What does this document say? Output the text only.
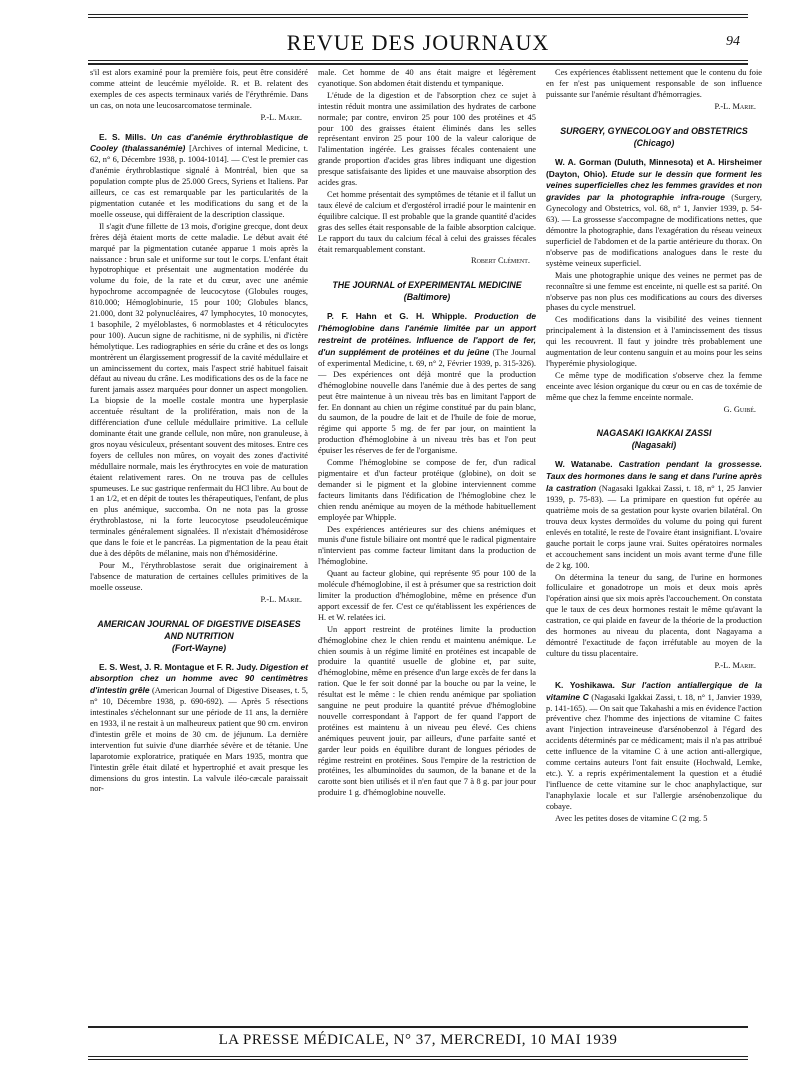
REVUE DES JOURNAUX	94

s'il est alors examiné pour la première fois, peut être considéré comme atteint de leucémie myéloïde. R. et B. relatent des exemples de ces aspects terminaux variés de l'érythrémie. Dans un cas, on nota une leucosarcomatose terminale.

P.-L. Marie.

E. S. Mills. Un cas d'anémie érythroblastique de Cooley (thalassanémie) [Archives of internal Medicine, t. 62, n° 6, Décembre 1938, p. 1004-1014]. — C'est le premier cas d'anémie érythroblastique signalé à Montréal, bien que sa population compte plus de 25.000 Grecs, Syriens et Italiens. Par ailleurs, ce cas est remarquable par les particularités de la pigmentation cutanée et les modifications du sang et de la moelle osseuse, qui diffèraient de la description classique.

Il s'agit d'une fillette de 13 mois, d'origine grecque, dont deux frères déjà étaient morts de cette maladie. Le début avait été marqué par la pigmentation cutanée apparue 1 mois après la naissance : brun sale et uniforme sur tout le corps. L'enfant était hypotrophique et présentait une augmentation modérée du volume du foie, de la rate et du cœur, avec une anémie hypochrome accompagnée de leucocytose (Globules rouges, 810.000; Hémoglobinurie, 15 pour 100; Globules blancs, 21.000, dont 32 polynucléaires, 47 lymphocytes, 10 monocytes, 1 basophile, 2 myéloblastes, 6 normoblastes et 4 réticulocytes pour 100). Aucun signe de rachitisme, ni de syphilis, ni d'ictère hémolytique. Les radiographies en série du crâne et des os longs montrèrent un élargissement progressif de la cavité médullaire et un amincissement du cortex, mais l'aspect strié habituel faisait défaut au niveau du crâne. Les modifications des os de la face ne furent jamais assez marquées pour donner un aspect mongolien. La biopsie de la moelle costale montra une hyperplasie accentuée résultant de la prolifération, mais non de la différenciation d'une cellule médullaire primitive. La cellule dominante était une grande cellule, non mûre, non granuleuse, à gros noyau vésiculeux, présentant souvent des mitoses. Entre ces foyers de cellules non mûres, on voyait des zones d'activité médullaire normale, mais les érythrocytes en voie de maturation étaient relativement rares. On ne trouva pas de cellules spumeuses. Le suc gastrique renfermait du HCl libre. Au bout de 1 an 1/2, et en dépit de toutes les thérapeutiques, l'enfant, de plus en plus anémique, succomba. On ne nota pas la grosse érythroblastose, ni la forte leucocytose pseudoleucémique terminales généralement signalées. Il n'existait d'hémosidérose que dans le foie et le pancréas. La pigmentation de la peau était due à des dépôts de mélanine, mais non d'hémosidérine.

Pour M., l'érythroblastose serait due originairement à l'absence de maturation de certaines cellules primitives de la moelle osseuse.

P.-L. Marie.
AMERICAN JOURNAL OF DIGESTIVE DISEASES AND NUTRITION
(Fort-Wayne)

E. S. West, J. R. Montague et F. R. Judy. Digestion et absorption chez un homme avec 90 centimètres d'intestin grêle (American Journal of Digestive Diseases, t. 5, n° 10, Décembre 1938, p. 690-692). — Après 5 résections intestinales s'échelonnant sur une période de 11 ans, la dernière en 1933, il ne restait à un malheureux patient que 90 cm. environ d'intestin grêle et moins de 30 cm. de jéjunum. La dernière intervention fut suivie d'une diarrhée sévère et de tétanie. Une laparotomie exploratrice, pratiquée en Mars 1935, montra que l'intestin grêle était dilaté et hypertrophié et avait presque les dimensions du gros intestin. La valvule iléo-cæcale paraissait nor-

male. Cet homme de 40 ans était maigre et légèrement cyanotique. Son abdomen était distendu et tympanique.

L'étude de la digestion et de l'absorption chez ce sujet à intestin réduit montra une assimilation des hydrates de carbone normale; par contre, environ 25 pour 100 des protéines et 45 pour 100 des graisses étaient éliminés dans les selles représentant environ 25 pour 100 de la valeur calorique de l'alimentation ingérée. Les graisses fécales contenaient une grande proportion d'acides gras libres indiquant une digestion presque satisfaisante des lipides et une mauvaise absorption des acides gras.

Cet homme présentait des symptômes de tétanie et il fallut un taux élevé de calcium et d'ergostérol irradié pour le maintenir en équilibre calcique. Il est probable que la grande quantité d'acides gras des selles était responsable de la faible absorption calcique. Le rapport du taux du calcium fécal à celui des graisses fécales était remarquablement constant.

Robert Clément.
THE JOURNAL of EXPERIMENTAL MEDICINE
(Baltimore)

P. F. Hahn et G. H. Whipple. Production de l'hémoglobine dans l'anémie limitée par un apport restreint de protéines. Influence de l'apport de fer, d'un supplément de protéines et du jeûne (The Journal of experimental Medicine, t. 69, n° 2, Février 1939, p. 315-326). — Des expériences ont déjà montré que la production d'hémoglobine nouvelle dans l'anémie due à des pertes de sang peut être maintenue à un niveau très bas en limitant l'apport de fer. En donnant au chien un régime constitué par du pain blanc, du saumon, de la poudre de lait et de l'huile de foie de morue, régime qui apporte 5 mg. de fer par jour, on maintient la production d'hémoglobine à un niveau très bas et l'on peut épuiser les réserves de fer de l'organisme.

Comme l'hémoglobine se compose de fer, d'un radical pigmentaire et d'un facteur protéique (globine), on doit se demander si le pigment et la globine interviennent comme facteurs limitants dans l'édification de l'hémoglobine chez le chien rendu anémique au moyen de la méthode habituellement employée par Whipple.

Des expériences antérieures sur des chiens anémiques et munis d'une fistule biliaire ont montré que le radical pigmentaire n'intervient pas comme facteur limitant dans la production de l'hémoglobine.

Quant au facteur globine, qui représente 95 pour 100 de la molécule d'hémoglobine, il est à présumer que sa restriction doit limiter la production d'hémoglobine, même en présence d'un apport excessif de fer. C'est ce qu'établissent les expériences de H. et W. relatées ici.

Un apport restreint de protéines limite la production d'hémoglobine chez le chien rendu et maintenu anémique. Le chien soumis à un régime limité en protéines est incapable de produire la quantité usuelle de globine et, par suite, d'hémoglobine, même en présence d'un large excès de fer dans la ration. Que le fer soit donné par la bouche ou par la veine, le résultat est le même : le chien rendu anémique par spoliation sanguine ne peut produire la quantité prévue d'hémoglobine nouvelle correspondant à l'apport de fer quand l'apport de protéines est maintenu à un niveau peu élevé. Ces chiens anémiques peuvent jouir, par ailleurs, d'une parfaite santé et garder leur poids en équilibre durant de longues périodes de régime restreint en protéines. Sous l'empire de la restriction de protéines, les albuminoïdes du saumon, de la banane et de la carotte sont bien utilisés et il n'en faut que 7 à 8 g. par jour pour produire 1 g. d'hémoglobine nouvelle.

Ces expériences établissent nettement que le contenu du foie en fer n'est pas uniquement responsable de son influence puissante sur l'anémie résultant d'hémorragies.

P.-L. Marie.
SURGERY, GYNECOLOGY and OBSTETRICS
(Chicago)

W. A. Gorman (Duluth, Minnesota) et A. Hirsheimer (Dayton, Ohio). Etude sur le dessin que forment les veines superficielles chez les femmes gravides et non gravides par la photographie infra-rouge (Surgery, Gynecology and Obstetrics, vol. 68, n° 1, Janvier 1939, p. 54-63). — La grossesse s'accompagne de modifications nettes, que démontre la photographie, dans l'exagération du réseau veineux superficiel de l'abdomen et de la partie antérieure du thorax. On n'observe pas de modifications analogues dans le reste du système veineux superficiel.

Mais une photographie unique des veines ne permet pas de reconnaître si une femme est enceinte, ni quelle est sa parité. On n'observe pas non plus ces modifications au cours des diverses phases du cycle menstruel.

Ces modifications dans la visibilité des veines tiennent principalement à la distension et à l'amincissement des tissus qui les recouvrent. Il faut y joindre très probablement une augmentation de leur contenu sanguin et au moins pour les seins l'hyperémie physiologique.

Ce même type de modification s'observe chez la femme enceinte avec lésion organique du cœur ou en cas de toxémie de même que chez la femme enceinte normale.

G. Guibé.
NAGASAKI IGAKKAI ZASSI
(Nagasaki)

W. Watanabe. Castration pendant la grossesse. Taux des hormones dans le sang et dans l'urine après la castration (Nagasaki Igakkai Zassi, t. 18, n° 1, 25 Janvier 1939, p. 75-83). — La primipare en question fut opérée au quatrième mois de sa gestation pour kyste ovarien bilatéral. On trouva deux kystes dermoïdes du volume du poing qui furent enlevés en totalité, le reste de l'ovaire étant insignifiant. L'ovaire gauche portait le corps jaune vrai. Suites opératoires normales et accouchement sans incident un mois avant terme d'une fille de 2 kg. 100.

On détermina la teneur du sang, de l'urine en hormones folliculaire et gonadotrope un mois et deux mois après l'opération ainsi que six mois après l'accouchement. On constata que le taux de ces deux hormones restait le même qu'avant la castration, ce qui plaide en faveur de la théorie de la production des hormones au niveau du placenta, dont Nagayama a démontré l'exactitude de façon irréfutable au moyen de la culture du tissu placentaire.

P.-L. Marie.

K. Yoshikawa. Sur l'action antiallergique de la vitamine C (Nagasaki Igakkai Zassi, t. 18, n° 1, Janvier 1939, p. 141-165). — On sait que Takahashi a mis en évidence l'action préventive chez l'homme des injections de vitamine C faites avant l'injection intraveineuse d'arsénobenzol à l'égard des accidents déterminés par ce médicament; mais il n'a pas attribué cette influence de la vitamine C à une action anti-allergique, comme certains auteurs l'ont fait ensuite (Hochwald, Lemke, etc.). Y. a repris expérimentalement la question et a étudié l'influence de cette vitamine sur le choc anaphylactique, sur l'anaphylaxie locale et sur l'allergie arsénobenzolique du cobaye.

Avec les petites doses de vitamine C (2 mg. 5

LA PRESSE MÉDICALE, N° 37, MERCREDI, 10 MAI 1939
